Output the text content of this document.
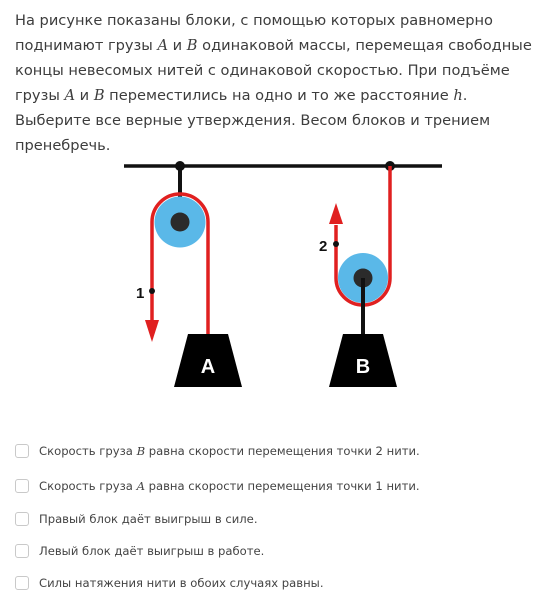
На рисунке показаны блоки, с помощью которых равномерно поднимают грузы A и B одинаковой массы, перемещая свободные концы невесомых нитей с одинаковой скоростью. При подъёме грузы A и B переместились на одно и то же расстояние h. Выберите все верные утверждения. Весом блоков и трением пренебречь.

1
A
2
B
Скорость груза B равна скорости перемещения точки 2 нити.
Скорость груза A равна скорости перемещения точки 1 нити.
Правый блок даёт выигрыш в силе.
Левый блок даёт выигрыш в работе.
Силы натяжения нити в обоих случаях равны.
